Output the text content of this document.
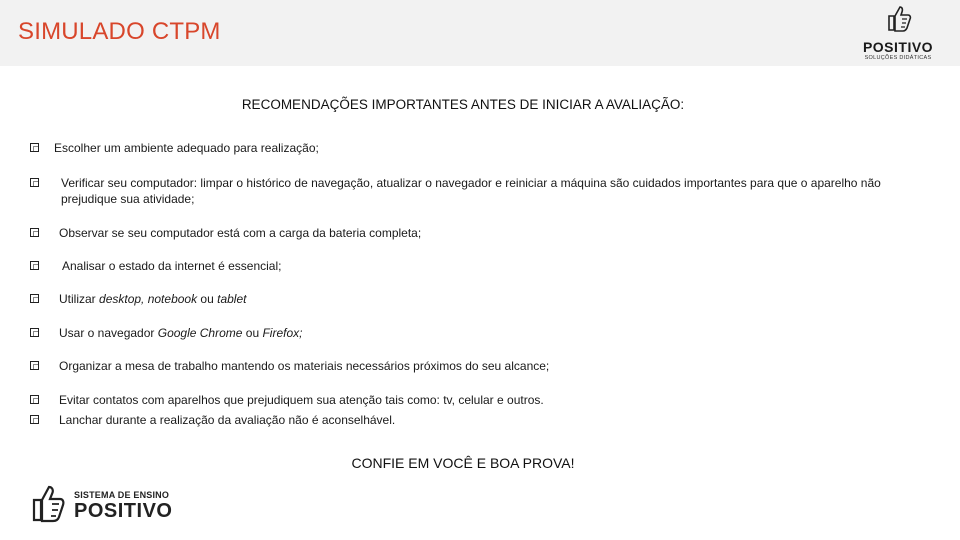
SIMULADO CTPM
POSITIVO
SOLUÇÕES DIDÁTICAS
RECOMENDAÇÕES IMPORTANTES ANTES DE INICIAR A AVALIAÇÃO:
Escolher um ambiente adequado para realização;
Verificar seu computador: limpar o histórico de navegação, atualizar o navegador e reiniciar a máquina são cuidados importantes para que o aparelho não prejudique sua atividade;
Observar se seu computador está com a carga da bateria completa;
Analisar o estado da internet é essencial;
Utilizar desktop, notebook ou tablet
Usar o navegador Google Chrome ou Firefox;
Organizar a mesa de trabalho mantendo os materiais necessários próximos do seu alcance;
Evitar contatos com aparelhos que prejudiquem sua atenção tais como: tv, celular e outros.
Lanchar durante a realização da avaliação não é aconselhável.
CONFIE EM VOCÊ E BOA PROVA!
SISTEMA DE ENSINO
POSITIVO
